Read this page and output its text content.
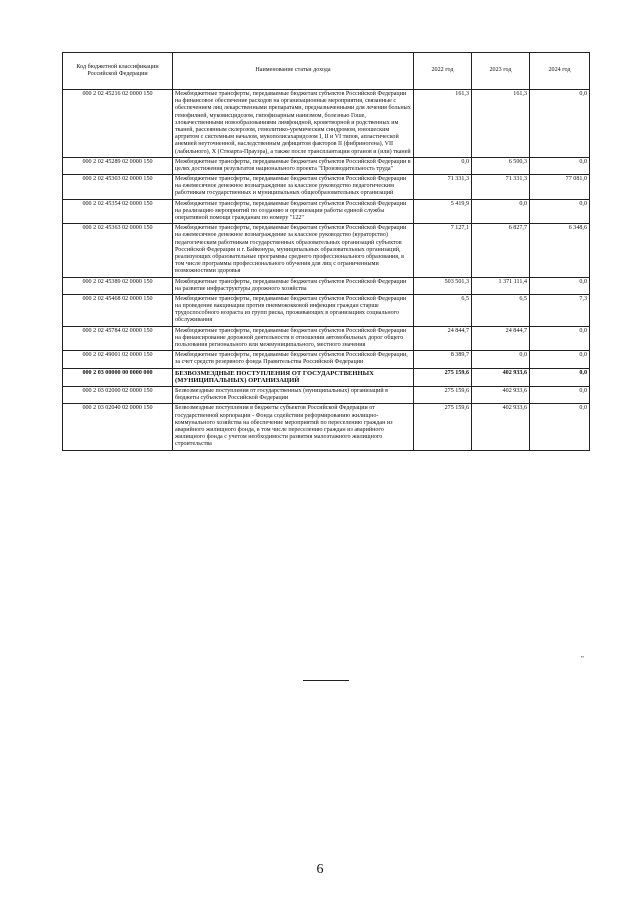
Код бюджетной классификации Российской Федерации	Наименование статьи дохода	2022 год	2023 год	2024 год
000 2 02 45216 02 0000 150	Межбюджетные трансферты, передаваемые бюджетам субъектов Российской Федерации на финансовое обеспечение расходов на организационные мероприятия, связанные с обеспечением лиц лекарственными препаратами, предназначенными для лечения больных гемофилией, муковисцидозом, гипофизарным нанизмом, болезнью Гоше, злокачественными новообразованиями лимфоидной, кроветворной и родственных им тканей, рассеянным склерозом, гемолитико-уремическим синдромом, юношеским артритом с системным началом, мукополисахаридозом I, II и VI типов, апластической анемией неуточненной, наследственным дефицитом факторов II (фибриногена), VII (лабильного), X (Стюарта-Прауэра), а также после трансплантации органов и (или) тканей	161,3	161,3	0,0
000 2 02 45289 02 0000 150	Межбюджетные трансферты, передаваемые бюджетам субъектов Российской Федерации в целях достижения результатов национального проекта "Производительность труда"	0,0	6 500,3	0,0
000 2 02 45303 02 0000 150	Межбюджетные трансферты, передаваемые бюджетам субъектов Российской Федерации на ежемесячное денежное вознаграждение за классное руководство педагогическим работникам государственных и муниципальных общеобразовательных организаций	71 331,3	71 331,3	77 081,0
000 2 02 45354 02 0000 150	Межбюджетные трансферты, передаваемые бюджетам субъектов Российской Федерации на реализацию мероприятий по созданию и организации работы единой службы оперативной помощи гражданам по номеру "122"	5 419,9	0,0	0,0
000 2 02 45363 02 0000 150	Межбюджетные трансферты, передаваемые бюджетам субъектов Российской Федерации на ежемесячное денежное вознаграждение за классное руководство (кураторство) педагогическим работникам государственных образовательных организаций субъектов Российской Федерации и г. Байконура, муниципальных образовательных организаций, реализующих образовательные программы среднего профессионального образования, в том числе программы профессионального обучения для лиц с ограниченными возможностями здоровья	7 127,1	6 827,7	6 348,6
000 2 02 45389 02 0000 150	Межбюджетные трансферты, передаваемые бюджетам субъектов Российской Федерации на развитие инфраструктуры дорожного хозяйства	503 501,3	1 371 111,4	0,0
000 2 02 45468 02 0000 150	Межбюджетные трансферты, передаваемые бюджетам субъектов Российской Федерации на проведение вакцинации против пневмококковой инфекции граждан старше трудоспособного возраста из групп риска, проживающих в организациях социального обслуживания	6,5	6,5	7,3
000 2 02 45784 02 0000 150	Межбюджетные трансферты, передаваемые бюджетам субъектов Российской Федерации на финансирование дорожной деятельности в отношении автомобильных дорог общего пользования регионального или межмуниципального, местного значения	24 844,7	24 844,7	0,0
000 2 02 49001 02 0000 150	Межбюджетные трансферты, передаваемые бюджетам субъектов Российской Федерации, за счет средств резервного фонда Правительства Российской Федерации	8 389,7	0,0	0,0
000 2 03 00000 00 0000 000	БЕЗВОЗМЕЗДНЫЕ ПОСТУПЛЕНИЯ ОТ ГОСУДАРСТВЕННЫХ (МУНИЦИПАЛЬНЫХ) ОРГАНИЗАЦИЙ	275 159,6	402 933,6	0,0
000 2 03 02000 02 0000 150	Безвозмездные поступления от государственных (муниципальных) организаций в бюджеты субъектов Российской Федерации	275 159,6	402 933,6	0,0
000 2 03 02040 02 0000 150	Безвозмездные поступления в бюджеты субъектов Российской Федерации от государственной корпорации - Фонда содействия реформированию жилищно-коммунального хозяйства на обеспечение мероприятий по переселению граждан из аварийного жилищного фонда, в том числе переселению граждан из аварийного жилищного фонда с учетом необходимости развития малоэтажного жилищного строительства	275 159,6	402 933,6	0,0
"
6
